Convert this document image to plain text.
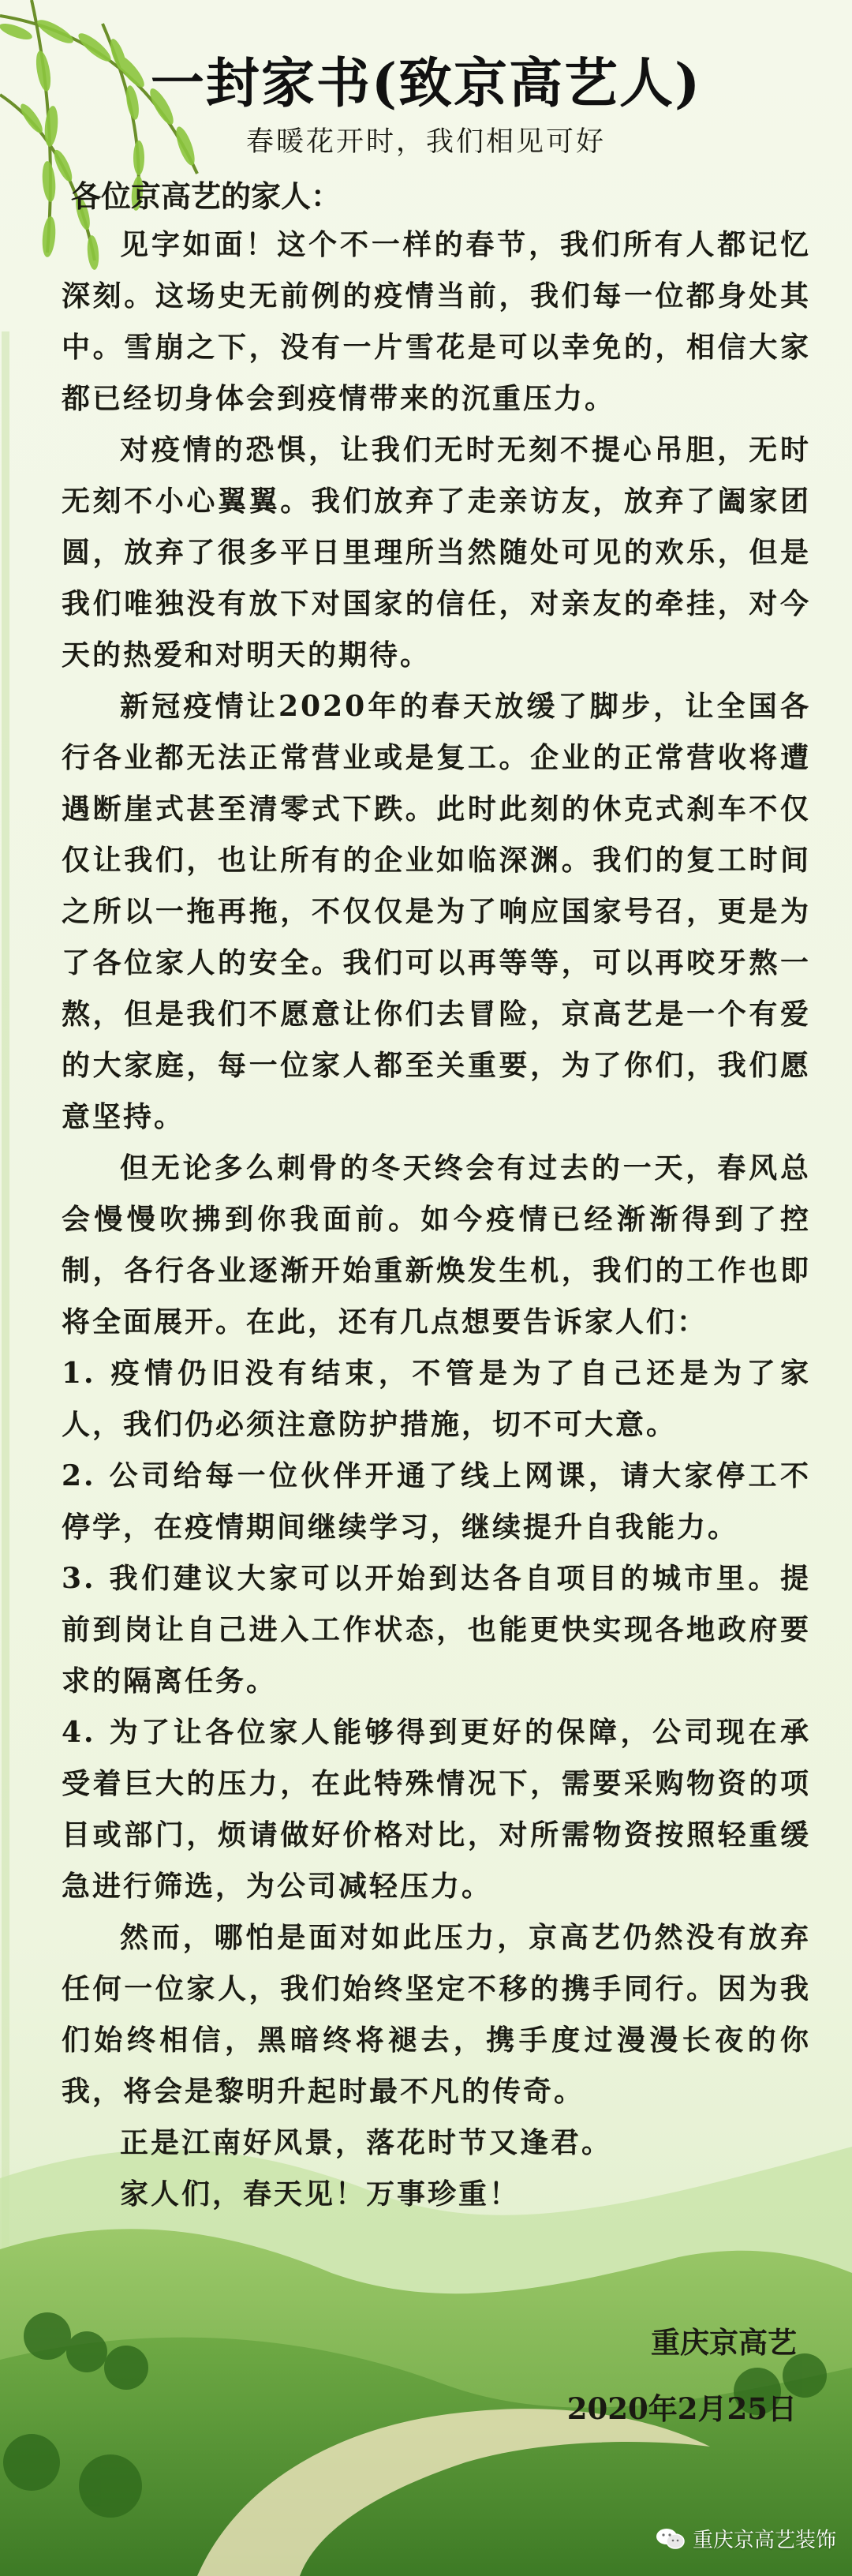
一封家书(致京高艺人)
春暖花开时，我们相见可好
各位京高艺的家人：

见字如面！这个不一样的春节，我们所有人都记忆深刻。这场史无前例的疫情当前，我们每一位都身处其中。雪崩之下，没有一片雪花是可以幸免的，相信大家都已经切身体会到疫情带来的沉重压力。

对疫情的恐惧，让我们无时无刻不提心吊胆，无时无刻不小心翼翼。我们放弃了走亲访友，放弃了阖家团圆，放弃了很多平日里理所当然随处可见的欢乐，但是我们唯独没有放下对国家的信任，对亲友的牵挂，对今天的热爱和对明天的期待。

新冠疫情让2020年的春天放缓了脚步，让全国各行各业都无法正常营业或是复工。企业的正常营收将遭遇断崖式甚至清零式下跌。此时此刻的休克式刹车不仅仅让我们，也让所有的企业如临深渊。我们的复工时间之所以一拖再拖，不仅仅是为了响应国家号召，更是为了各位家人的安全。我们可以再等等，可以再咬牙熬一熬，但是我们不愿意让你们去冒险，京高艺是一个有爱的大家庭，每一位家人都至关重要，为了你们，我们愿意坚持。

但无论多么刺骨的冬天终会有过去的一天，春风总会慢慢吹拂到你我面前。如今疫情已经渐渐得到了控制，各行各业逐渐开始重新焕发生机，我们的工作也即将全面展开。在此，还有几点想要告诉家人们：

1. 疫情仍旧没有结束，不管是为了自己还是为了家人，我们仍必须注意防护措施，切不可大意。

2. 公司给每一位伙伴开通了线上网课，请大家停工不停学，在疫情期间继续学习，继续提升自我能力。

3. 我们建议大家可以开始到达各自项目的城市里。提前到岗让自己进入工作状态，也能更快实现各地政府要求的隔离任务。

4. 为了让各位家人能够得到更好的保障，公司现在承受着巨大的压力，在此特殊情况下，需要采购物资的项目或部门，烦请做好价格对比，对所需物资按照轻重缓急进行筛选，为公司减轻压力。

然而，哪怕是面对如此压力，京高艺仍然没有放弃任何一位家人，我们始终坚定不移的携手同行。因为我们始终相信，黑暗终将褪去，携手度过漫漫长夜的你我，将会是黎明升起时最不凡的传奇。

正是江南好风景，落花时节又逢君。

家人们，春天见！万事珍重！

重庆京高艺
2020年2月25日
重庆京高艺装饰
